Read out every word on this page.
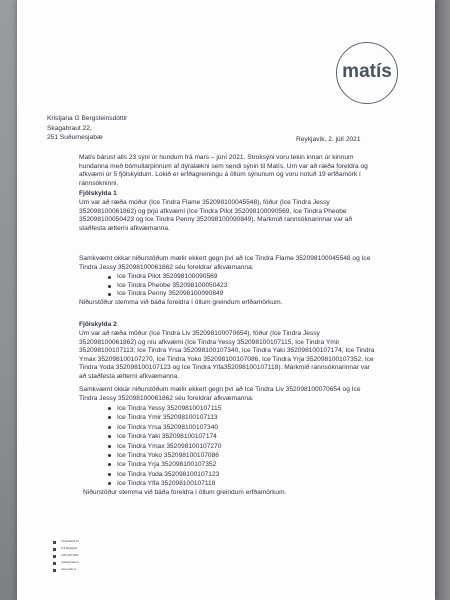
matís
Kristjana G Bergsteinsdóttir
Skagabraut 22,
251 Suðurnesjabæ	Reykjavík, 2. júlí 2021
Matís bárust alls 23 sýni úr hundum frá mars – júní 2021. Stroksýni voru tekin innan úr kinnum hundanna með bómullarpinnum af dýralækni sem sendi sýnin til Matís. Um var að ræða foreldra og afkvæmi úr 5 fjölskyldum. Lokið er erfðagreiningu á öllum sýnunum og voru notuð 19 erfðamörk í rannsókninni.
Fjölskylda 1
Um var að ræða móður (Ice Tindra Flame 352098100045548), föður (Ice Tindra Jessy 352098100061862) og þrjú afkvæmi (Ice Tindra Pilot 352098100090569, Ice Tindra Pheobe 352098100050423 og Ice Tindra Penny 352098100090849). Markmið rannsóknarinnar var að staðfesta ætterni afkvæmanna.
Samkvæmt okkar niðurstöðum mælir ekkert gegn því að Ice Tindra Flame 352098100045548 og Ice Tindra Jessy 352098100061862 séu foreldrar afkvæmanna:
Ice Tindra Pilot 352098100090569
Ice Tindra Pheobe 352098100050423
Ice Tindra Penny 352098100090849
Niðurstöður stemma við báða foreldra í öllum greindum erfðamörkum.
Fjölskylda 2
Um var að ræða móður (Ice Tindra Liv 352098100070654), föður (Ice Tindra Jessy 352098100061862) og níu afkvæmi (Ice Tindra Yessy 352098100107115, Ice Tindra Ymir 352098100107113, Ice Tindra Yrsa 352098100107340, Ice Tindra Yaki 352098100107174, Ice Tindra Ymax 352098100107270, Ice Tindra Yoko 352098100107086, Ice Tindra Yrja 352098100107352, Ice Tindra Yoda 352098100107123 og Ice Tindra Ylfa352098100107118). Markmið rannsóknarinnar var að staðfesta ætterni afkvæmanna.
Samkvæmt okkar niðurstöðum mælir ekkert gegn því að Ice Tindra Liv 352098100070654 og Ice Tindra Jessy 352098100061862 séu foreldrar afkvæmanna:
Ice Tindra Yessy 352098100107115
Ice Tindra Ymir 352098100107113
Ice Tindra Yrsa 352098100107340
Ice Tindra Yaki 352098100107174
Ice Tindra Ymax 352098100107270
Ice Tindra Yoko 352098100107086
Ice Tindra Yrja 352098100107352
Ice Tindra Yoda 352098100107123
Ice Tindra Ylfa 352098100107118
Niðurstöður stemma við báða foreldra í öllum greindum erfðamörkum.
Vínlandsleið 12
113 Reykjavík
+354 422 5000
matis@matis.is
www.matis.is
